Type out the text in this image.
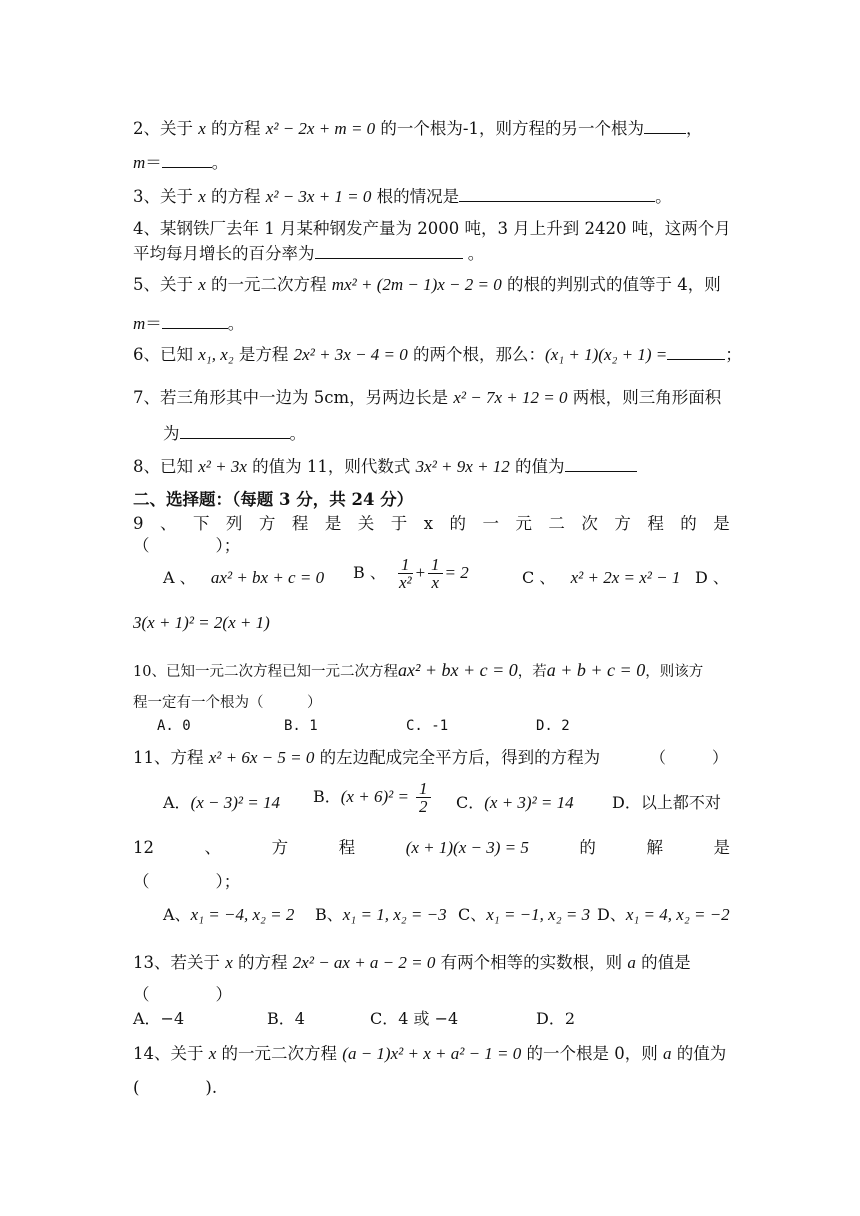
2、关于 x 的方程 x² − 2x + m = 0 的一个根为-1，则方程的另一个根为	，
m＝	。
3、关于 x 的方程 x² − 3x + 1 = 0 根的情况是	。
4、某钢铁厂去年 1 月某种钢发产量为 2000 吨，3 月上升到 2420 吨，这两个月
平均每月增长的百分率为	。
5、关于 x 的一元二次方程 mx² + (2m − 1)x − 2 = 0 的根的判别式的值等于 4，则
m＝	。
6、已知 x₁, x₂ 是方程 2x² + 3x − 4 = 0 的两个根，那么：(x₁ + 1)(x₂ + 1) =	；
7、若三角形其中一边为 5cm，另两边长是 x² − 7x + 12 = 0 两根，则三角形面积
为	。
8、已知 x² + 3x 的值为 11，则代数式 3x² + 9x + 12 的值为
二、选择题：（每题 3 分，共 24 分）
9 、 下 列 方 程 是 关 于 x 的 一 元 二 次 方 程 的 是
（　　　　）；
A 、 ax² + bx + c = 0 B 、 $\frac{1}{\text{x²}} + \frac{1}{x} = 2$	C 、 x² + 2x = x² − 1 D 、
3(x + 1)² = 2(x + 1)
10、已知一元二次方程已知一元二次方程ax² + bx + c = 0，若a + b + c = 0，则该方
程一定有一个根为（　　　）
A. 0	B. 1	C. -1	D. 2
11、方程 x² + 6x − 5 = 0 的左边配成完全平方后，得到的方程为	（	）
A．(x − 3)² = 14 B．$(x + 6)^2 = \frac{1}{2}$ C．(x + 3)² = 14 D．以上都不对
12	、	方	程	(x + 1)(x − 3) = 5	的	解	是
（　　　　）；
A、x₁ = −4, x₂ = 2 B、x₁ = 1, x₂ = −3 C、x₁ = −1, x₂ = 3 D、x₁ = 4, x₂ = −2
13、若关于 x 的方程 2x² − ax + a − 2 = 0 有两个相等的实数根，则 a 的值是
（　　　　）
A．−4	B．4	C．4 或 −4	D．2
14、关于 x 的一元二次方程 (a − 1)x² + x + a² − 1 = 0 的一个根是 0，则 a 的值为
(　　　　).
